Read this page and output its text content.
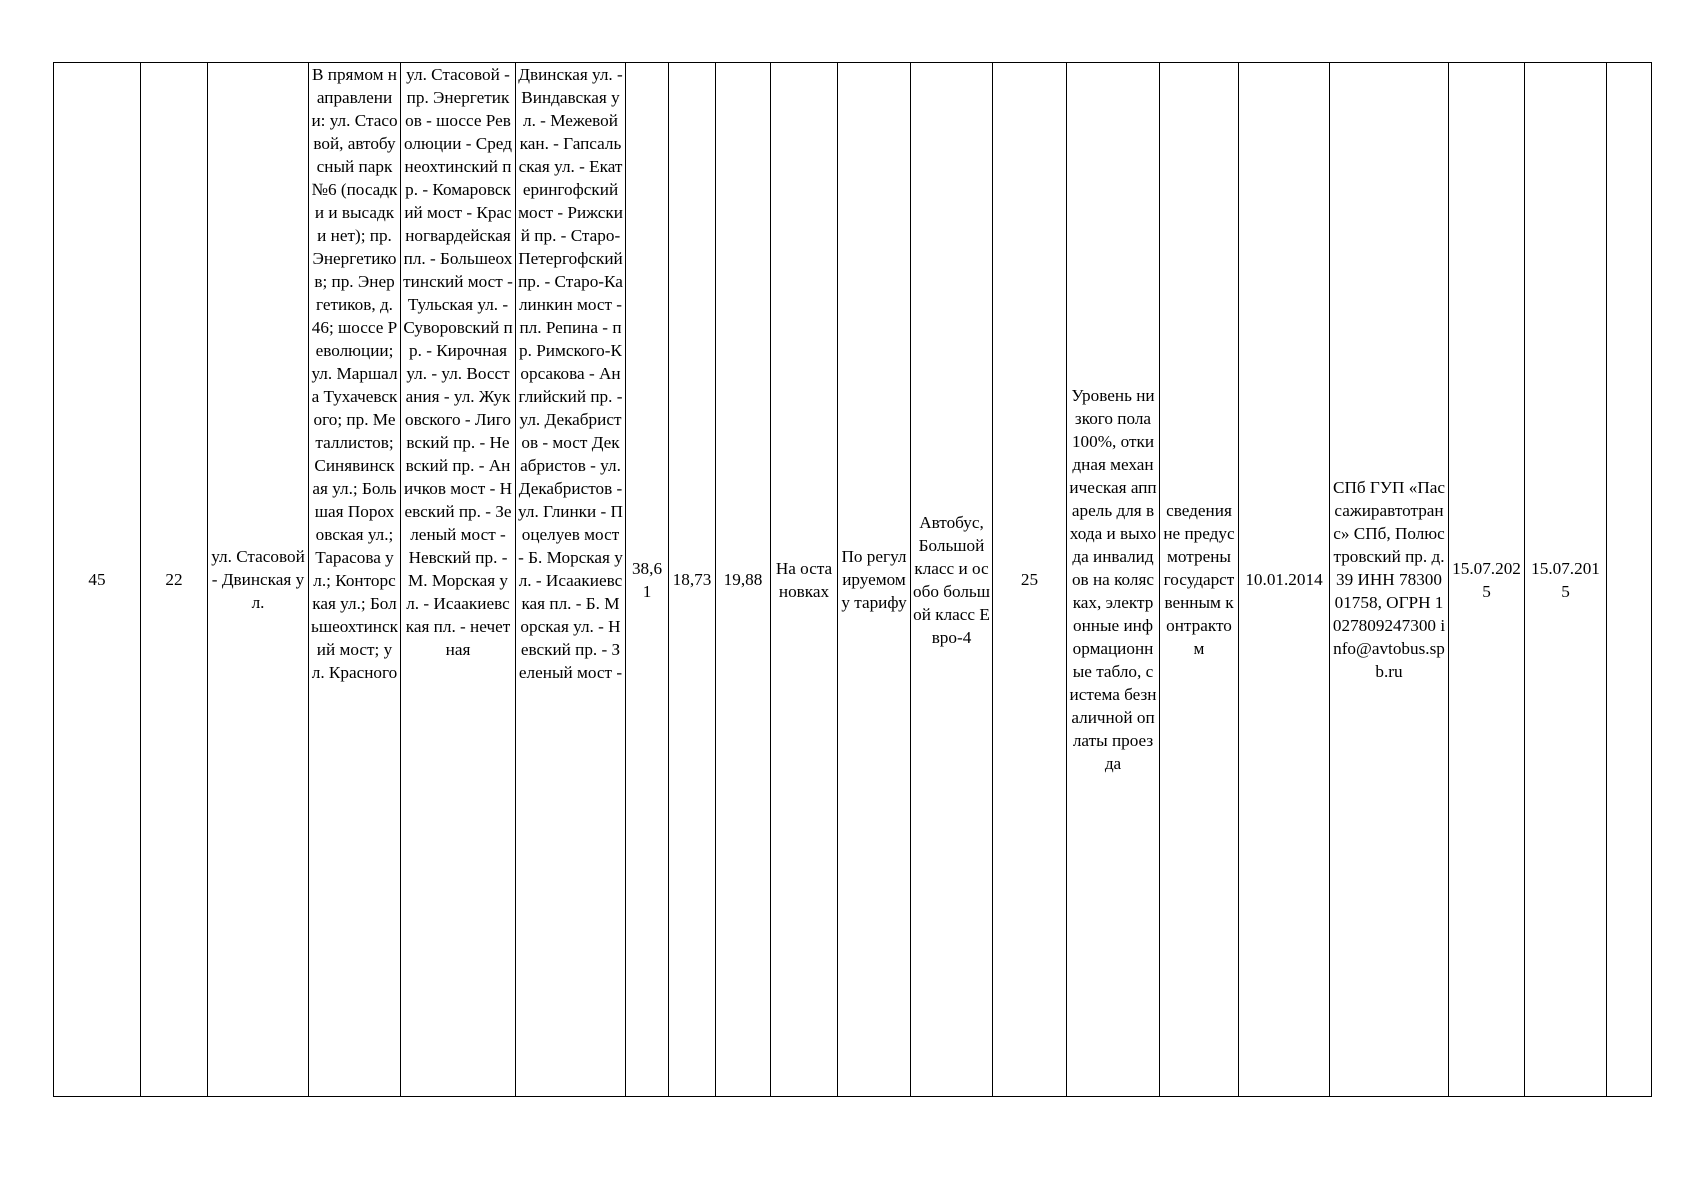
45	22	ул. Стасовой - Двинская ул.	В прямом направлении: ул. Стасовой, автобусный парк №6 (посадки и высадки нет); пр. Энергетиков; пр. Энергетиков, д. 46; шоссе Революции; ул. Маршала Тухачевского; пр. Металлистов; Синявинская ул.; Большая Пороховская ул.; Тарасова ул.; Конторская ул.; Большеохтинский мост; ул. Красного	ул. Стасовой - пр. Энергетиков - шоссе Революции - Среднеохтинский пр. - Комаровский мост - Красногвардейская пл. - Большеохтинский мост - Тульская ул. - Суворовский пр. - Кирочная ул. - ул. Восстания - ул. Жуковского - Лиговский пр. - Невский пр. - Аничков мост - Невский пр. - Зеленый мост - Невский пр. - М. Морская ул. - Исаакиевская пл. - нечетная	Двинская ул. - Виндавская ул. - Межевой кан. - Гапсальская ул. - Екатерингофский мост - Рижский пр. - Старо-Петергофский пр. - Старо-Калинкин мост - пл. Репина - пр. Римского-Корсакова - Английский пр. - ул. Декабристов - мост Декабристов - ул. Декабристов - ул. Глинки - Поцелуев мост - Б. Морская ул. - Исаакиевская пл. - Б. Морская ул. - Невский пр. - Зеленый мост -	38,61	18,73	19,88	На остановках	По регулируемому тарифу	Автобус, Большой класс и особо большой класс Евро-4	25	Уровень низкого пола 100%, откидная механическая аппарель для входа и выхода инвалидов на колясках, электронные информационные табло, система безналичной оплаты проезда	сведения не предусмотрены государственным контрактом	10.01.2014	СПб ГУП «Пассажиравтотранс» СПб, Полюстровский пр. д.39 ИНН 7830001758, ОГРН 1027809247300 info@avtobus.spb.ru	15.07.2025	15.07.2015	
